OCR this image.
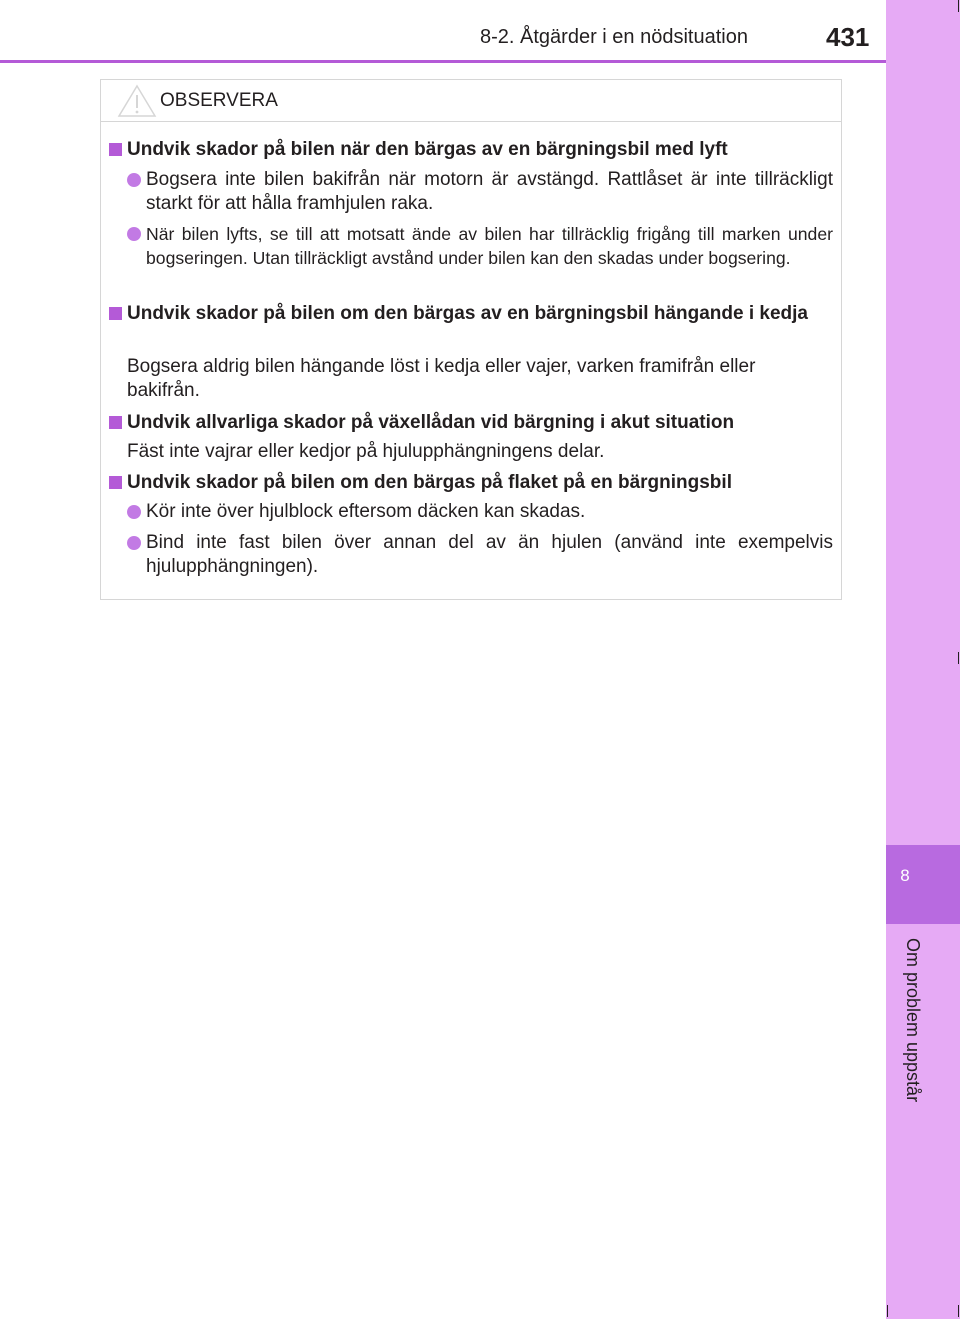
8-2. Åtgärder i en nödsituation	431
8
Om problem uppstår
OBSERVERA
Undvik skador på bilen när den bärgas av en bärgningsbil med lyft
Bogsera inte bilen bakifrån när motorn är avstängd. Rattlåset är inte tillräckligt starkt för att hålla framhjulen raka.
När bilen lyfts, se till att motsatt ände av bilen har tillräcklig frigång till marken under bogseringen. Utan tillräckligt avstånd under bilen kan den skadas under bogsering.
Undvik skador på bilen om den bärgas av en bärgningsbil hängande i kedja
Bogsera aldrig bilen hängande löst i kedja eller vajer, varken framifrån eller bakifrån.
Undvik allvarliga skador på växellådan vid bärgning i akut situation
Fäst inte vajrar eller kedjor på hjulupphängningens delar.
Undvik skador på bilen om den bärgas på flaket på en bärgningsbil
Kör inte över hjulblock eftersom däcken kan skadas.
Bind inte fast bilen över annan del av än hjulen (använd inte exempelvis hjulupphängningen).
